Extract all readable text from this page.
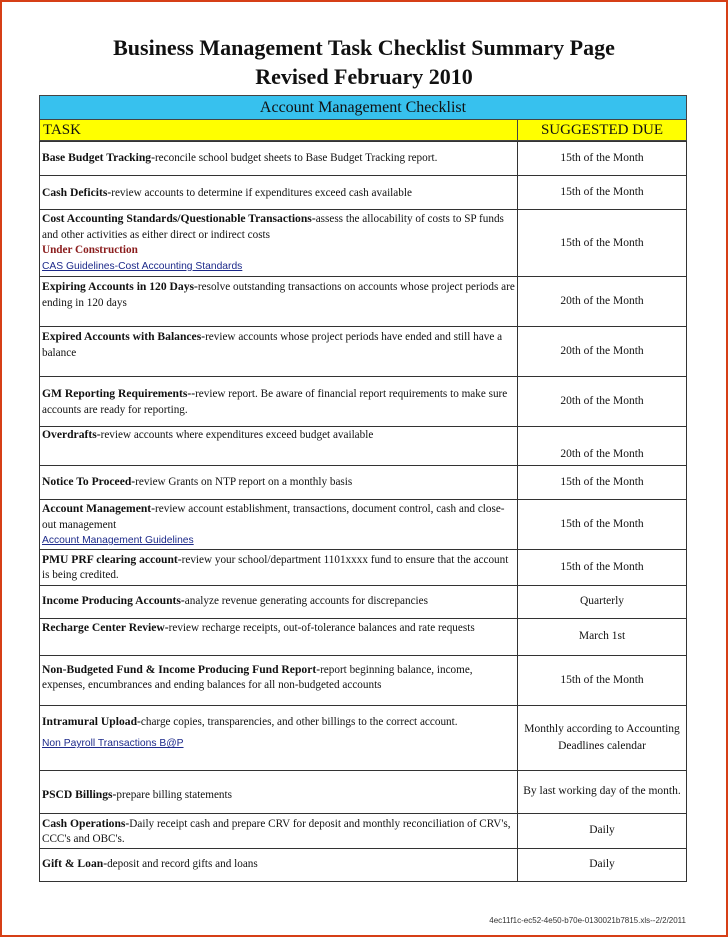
Business Management Task Checklist Summary Page
Revised February 2010
Account Management Checklist
TASK	SUGGESTED DUE
Base Budget Tracking-reconcile school budget sheets to Base Budget Tracking report.	15th of the Month
Cash Deficits-review accounts to determine if expenditures exceed cash available	15th of the Month
Cost Accounting Standards/Questionable Transactions-assess the allocability of costs to SP funds and other activities as either direct or indirect costs
Under Construction
CAS Guidelines-Cost Accounting Standards	15th of the Month
Expiring Accounts in 120 Days-resolve outstanding transactions on accounts whose project periods are ending in 120 days	20th of the Month
Expired Accounts with Balances-review accounts whose project periods have ended and still have a balance	20th of the Month
GM Reporting Requirements--review report. Be aware of financial report requirements to make sure accounts are ready for reporting.	20th of the Month
Overdrafts-review accounts where expenditures exceed budget available	20th of the Month
Notice To Proceed-review Grants on NTP report on a monthly basis	15th of the Month
Account Management-review account establishment, transactions, document control, cash and close-out management
Account Management Guidelines	15th of the Month
PMU PRF clearing account-review your school/department 1101xxxx fund to ensure that the account is being credited.	15th of the Month
Income Producing Accounts-analyze revenue generating accounts for discrepancies	Quarterly
Recharge Center Review-review recharge receipts, out-of-tolerance balances and rate requests	March 1st
Non-Budgeted Fund & Income Producing Fund Report-report beginning balance, income, expenses, encumbrances and ending balances for all non-budgeted accounts	15th of the Month
Intramural Upload-charge copies, transparencies, and other billings to the correct account.
Non Payroll Transactions B@P	Monthly according to Accounting Deadlines calendar
PSCD Billings-prepare billing statements	By last working day of the month.
Cash Operations-Daily receipt cash and prepare CRV for deposit and monthly reconciliation of CRV's, CCC's and OBC's.	Daily
Gift & Loan-deposit and record gifts and loans	Daily
4ec11f1c-ec52-4e50-b70e-0130021b7815.xls--2/2/2011
